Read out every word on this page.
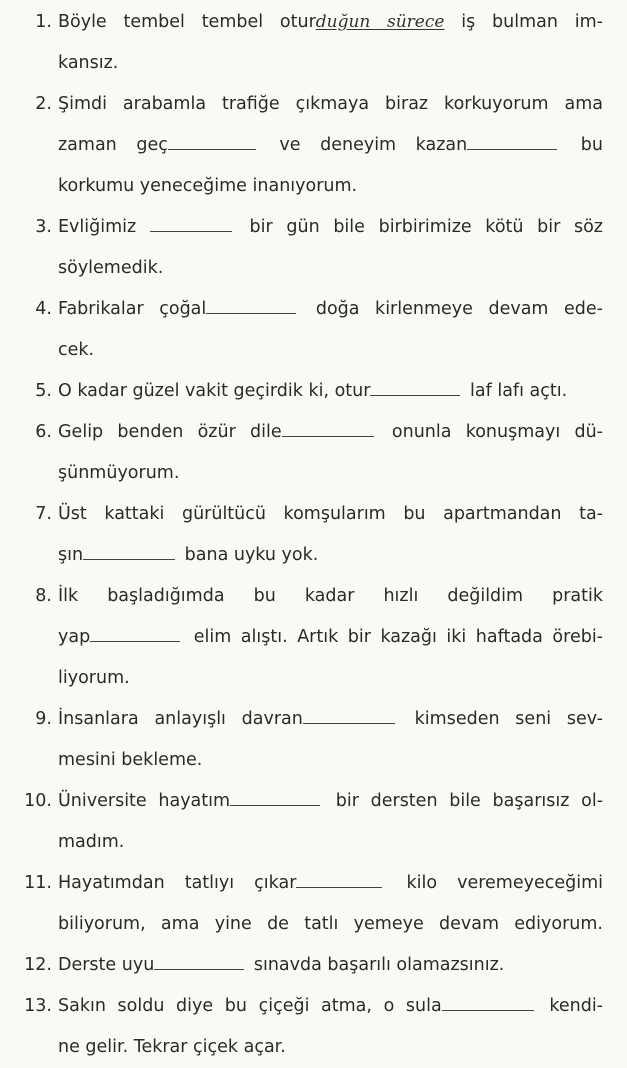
1. Böyle tembel tembel oturduğun sürece iş bulman im-
kansız.
2. Şimdi arabamla trafiğe çıkmaya biraz korkuyorum ama
zaman geç	ve deneyim kazan	bu
korkumu yeneceğime inanıyorum.
3. Evliğimiz	bir gün bile birbirimize kötü bir söz
söylemedik.
4. Fabrikalar çoğal	doğa kirlenmeye devam ede-
cek.
5. O kadar güzel vakit geçirdik ki, otur	laf lafı açtı.
6. Gelip benden özür dile	onunla konuşmayı dü-
şünmüyorum.
7. Üst kattaki gürültücü komşularım bu apartmandan ta-
şın	bana uyku yok.
8. İlk başladığımda bu kadar hızlı değildim pratik
yap	elim alıştı. Artık bir kazağı iki haftada örebi-
liyorum.
9. İnsanlara anlayışlı davran	kimseden seni sev-
mesini bekleme.
10. Üniversite hayatım	bir dersten bile başarısız ol-
madım.
11. Hayatımdan tatlıyı çıkar	kilo veremeyeceğimi
biliyorum, ama yine de tatlı yemeye devam ediyorum.
12. Derste uyu	sınavda başarılı olamazsınız.
13. Sakın soldu diye bu çiçeği atma, o sula	kendi-
ne gelir. Tekrar çiçek açar.
